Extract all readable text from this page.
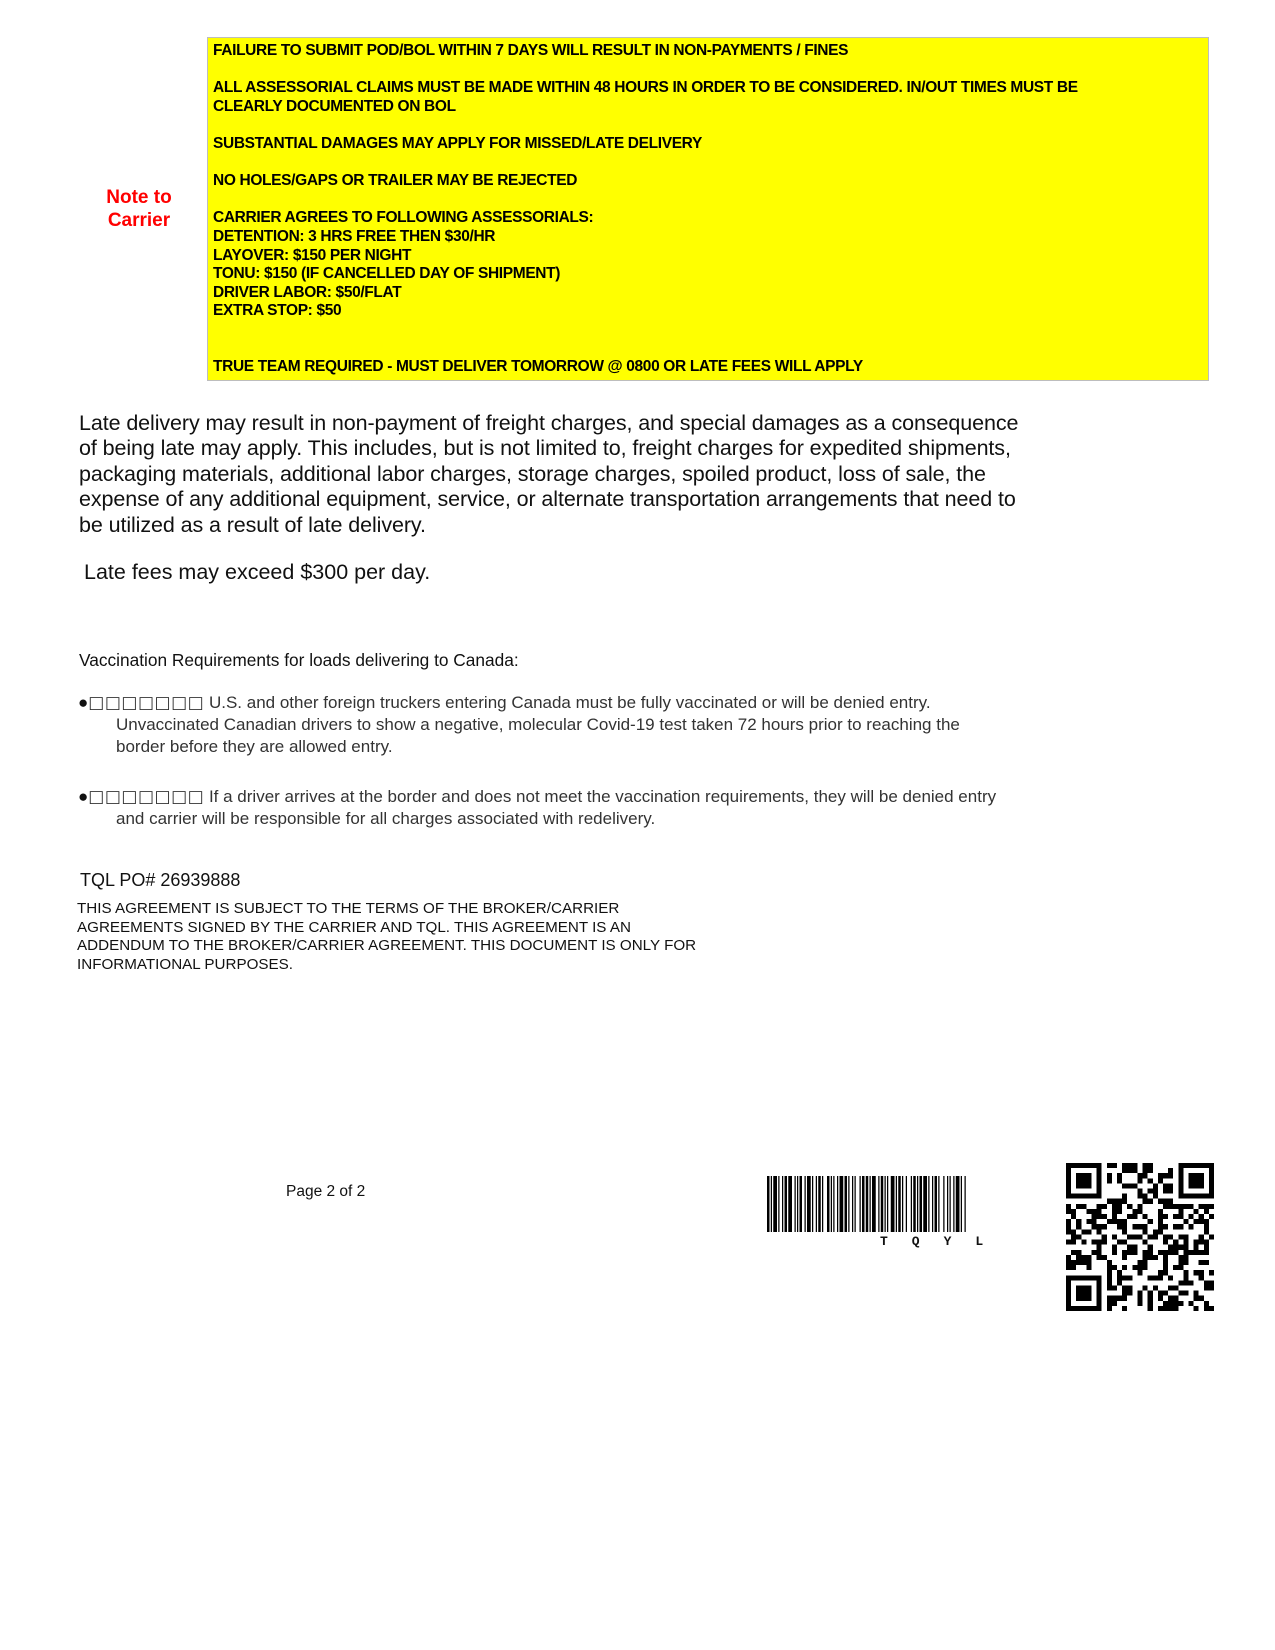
Note to
Carrier
FAILURE TO SUBMIT POD/BOL WITHIN 7 DAYS WILL RESULT IN NON-PAYMENTS / FINES
ALL ASSESSORIAL CLAIMS MUST BE MADE WITHIN 48 HOURS IN ORDER TO BE CONSIDERED. IN/OUT TIMES MUST BE
CLEARLY DOCUMENTED ON BOL
SUBSTANTIAL DAMAGES MAY APPLY FOR MISSED/LATE DELIVERY
NO HOLES/GAPS OR TRAILER MAY BE REJECTED
CARRIER AGREES TO FOLLOWING ASSESSORIALS:
DETENTION: 3 HRS FREE THEN $30/HR
LAYOVER: $150 PER NIGHT
TONU: $150 (IF CANCELLED DAY OF SHIPMENT)
DRIVER LABOR: $50/FLAT
EXTRA STOP: $50
TRUE TEAM REQUIRED - MUST DELIVER TOMORROW @ 0800 OR LATE FEES WILL APPLY
Late delivery may result in non-payment of freight charges, and special damages as a consequence
of being late may apply. This includes, but is not limited to, freight charges for expedited shipments,
packaging materials, additional labor charges, storage charges, spoiled product, loss of sale, the
expense of any additional equipment, service, or alternate transportation arrangements that need to
be utilized as a result of late delivery.
Late fees may exceed $300 per day.
Vaccination Requirements for loads delivering to Canada:
●□□□□□□□ U.S. and other foreign truckers entering Canada must be fully vaccinated or will be denied entry.
Unvaccinated Canadian drivers to show a negative, molecular Covid-19 test taken 72 hours prior to reaching the
border before they are allowed entry.
●□□□□□□□ If a driver arrives at the border and does not meet the vaccination requirements, they will be denied entry
and carrier will be responsible for all charges associated with redelivery.
TQL PO# 26939888
THIS AGREEMENT IS SUBJECT TO THE TERMS OF THE BROKER/CARRIER
AGREEMENTS SIGNED BY THE CARRIER AND TQL. THIS AGREEMENT IS AN
ADDENDUM TO THE BROKER/CARRIER AGREEMENT. THIS DOCUMENT IS ONLY FOR
INFORMATIONAL PURPOSES.
Page 2 of 2
TQYL
